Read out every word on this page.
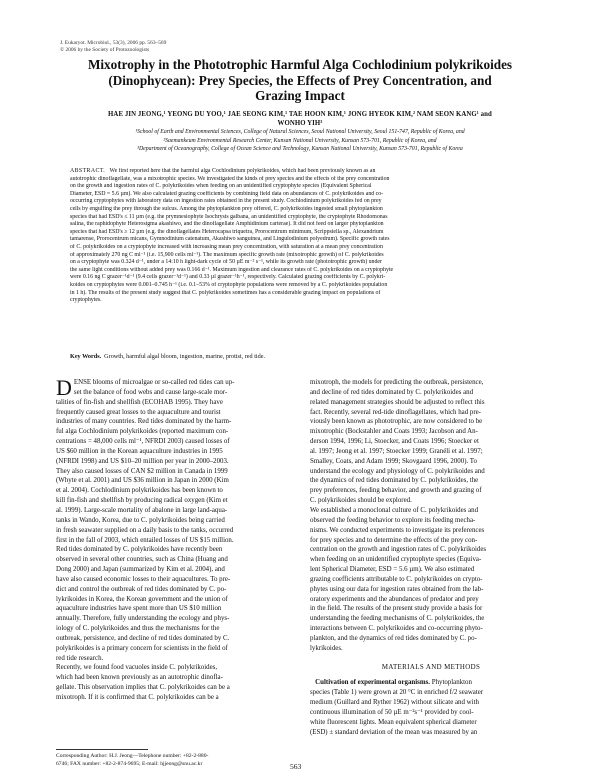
J. Eukaryot. Microbiol., 53(3), 2006 pp. 563–569
© 2006 by the Society of Protozoologists
Mixotrophy in the Phototrophic Harmful Alga Cochlodinium polykrikoides
(Dinophycean): Prey Species, the Effects of Prey Concentration, and
Grazing Impact
HAE JIN JEONG,¹ YEONG DU YOO,¹ JAE SEONG KIM,¹ TAE HOON KIM,¹ JONG HYEOK KIM,² NAM SEON KANG¹ and
WONHO YIH³
¹School of Earth and Environmental Sciences, College of Natural Sciences, Seoul National University, Seoul 151-747, Republic of Korea, and
²Saemankeum Environmental Research Center, Kunsan National University, Kunsan 573-701, Republic of Korea, and
³Department of Oceanography, College of Ocean Science and Technology, Kunsan National University, Kunsan 573-701, Republic of Korea
ABSTRACT. We first reported here that the harmful alga Cochlodinium polykrikoides, which had been previously known as an
autotrophic dinoflagellate, was a mixotrophic species. We investigated the kinds of prey species and the effects of the prey concentration
on the growth and ingestion rates of C. polykrikoides when feeding on an unidentified cryptophyte species (Equivalent Spherical
Diameter, ESD = 5.6 µm). We also calculated grazing coefficients by combining field data on abundances of C. polykrikoides and co-
occurring cryptophytes with laboratory data on ingestion rates obtained in the present study. Cochlodinium polykrikoides fed on prey
cells by engulfing the prey through the sulcus. Among the phytoplankton prey offered, C. polykrikoides ingested small phytoplankton
species that had ESD's ≤ 11 µm (e.g. the prymnesiophyte Isochrysis galbana, an unidentified cryptophyte, the cryptophyte Rhodomonas
salina, the raphidophyte Heterosigma akashiwo, and the dinoflagellate Amphidinium carterae). It did not feed on larger phytoplankton
species that had ESD's ≥ 12 µm (e.g. the dinoflagellates Heterocapsa triquetra, Prorocentrum minimum, Scrippsiella sp., Alexandrium
tamarense, Prorocentrum micans, Gymnodinium catenatum, Akashiwo sanguinea, and Lingulodinium polyedrum). Specific growth rates
of C. polykrikoides on a cryptophyte increased with increasing mean prey concentration, with saturation at a mean prey concentration
of approximately 270 ng C ml⁻¹ (i.e. 15,900 cells ml⁻¹). The maximum specific growth rate (mixotrophic growth) of C. polykrikoides
on a cryptophyte was 0.324 d⁻¹, under a 14:10 h light-dark cycle of 50 µE m⁻² s⁻¹, while its growth rate (phototrophic growth) under
the same light conditions without added prey was 0.166 d⁻¹. Maximum ingestion and clearance rates of C. polykrikoides on a cryptophyte
were 0.16 ng C grazer⁻¹d⁻¹ (9.4 cells grazer⁻¹d⁻¹) and 0.33 µl grazer⁻¹h⁻¹, respectively. Calculated grazing coefficients by C. polykri-
koides on cryptophytes were 0.001–0.745 h⁻¹ (i.e. 0.1–53% of cryptophyte populations were removed by a C. polykrikoides population
in 1 h). The results of the present study suggest that C. polykrikoides sometimes has a considerable grazing impact on populations of
cryptophytes.
Key Words. Growth, harmful algal bloom, ingestion, marine, protist, red tide.
D ENSE blooms of microalgae or so-called red tides can up-
set the balance of food webs and cause large-scale mor-
talities of fin-fish and shellfish (ECOHAB 1995). They have
frequently caused great losses to the aquaculture and tourist
industries of many countries. Red tides dominated by the harm-
ful alga Cochlodinium polykrikoides (reported maximum con-
centrations = 48,000 cells ml⁻¹, NFRDI 2003) caused losses of
US $60 million in the Korean aquaculture industries in 1995
(NFRDI 1998) and US $10–20 million per year in 2000–2003.
They also caused losses of CAN $2 million in Canada in 1999
(Whyte et al. 2001) and US $36 million in Japan in 2000 (Kim
et al. 2004). Cochlodinium polykrikoides has been known to
kill fin-fish and shellfish by producing radical oxygen (Kim et
al. 1999). Large-scale mortality of abalone in large land-aqua-
tanks in Wando, Korea, due to C. polykrikoides being carried
in fresh seawater supplied on a daily basis to the tanks, occurred
first in the fall of 2003, which entailed losses of US $15 million.
Red tides dominated by C. polykrikoides have recently been
observed in several other countries, such as China (Huang and
Dong 2000) and Japan (summarized by Kim et al. 2004), and
have also caused economic losses to their aquacultures. To pre-
dict and control the outbreak of red tides dominated by C. po-
lykrikoides in Korea, the Korean government and the union of
aquaculture industries have spent more than US $10 million
annually. Therefore, fully understanding the ecology and phys-
iology of C. polykrikoides and thus the mechanisms for the
outbreak, persistence, and decline of red tides dominated by C.
polykrikoides is a primary concern for scientists in the field of
red tide research.
Recently, we found food vacuoles inside C. polykrikoides,
which had been known previously as an autotrophic dinofla-
gellate. This observation implies that C. polykrikoides can be a
mixotroph. If it is confirmed that C. polykrikoides can be a
mixotroph, the models for predicting the outbreak, persistence,
and decline of red tides dominated by C. polykrikoides and
related management strategies should be adjusted to reflect this
fact. Recently, several red-tide dinoflagellates, which had pre-
viously been known as phototrophic, are now considered to be
mixotrophic (Bockstahler and Coats 1993; Jacobson and An-
derson 1994, 1996; Li, Stoecker, and Coats 1996; Stoecker et
al. 1997; Jeong et al. 1997; Stoecker 1999; Granéli et al. 1997;
Smalley, Coats, and Adam 1999; Skovgaard 1996, 2000). To
understand the ecology and physiology of C. polykrikoides and
the dynamics of red tides dominated by C. polykrikoides, the
prey preferences, feeding behavior, and growth and grazing of
C. polykrikoides should be explored.
We established a monoclonal culture of C. polykrikoides and
observed the feeding behavior to explore its feeding mecha-
nisms. We conducted experiments to investigate its preferences
for prey species and to determine the effects of the prey con-
centration on the growth and ingestion rates of C. polykrikoides
when feeding on an unidentified cryptophyte species (Equiva-
lent Spherical Diameter, ESD = 5.6 µm). We also estimated
grazing coefficients attributable to C. polykrikoides on crypto-
phytes using our data for ingestion rates obtained from the lab-
oratory experiments and the abundances of predator and prey
in the field. The results of the present study provide a basis for
understanding the feeding mechanisms of C. polykrikoides, the
interactions between C. polykrikoides and co-occurring phyto-
plankton, and the dynamics of red tides dominated by C. po-
lykrikoides.
MATERIALS AND METHODS
Cultivation of experimental organisms. Phytoplankton
species (Table 1) were grown at 20 °C in enriched f/2 seawater
medium (Guillard and Ryther 1962) without silicate and with
continuous illumination of 50 µE m⁻²s⁻¹ provided by cool-
white fluorescent lights. Mean equivalent spherical diameter
(ESD) ± standard deviation of the mean was measured by an
Corresponding Author: H.J. Jeong—Telephone number: +82-2-880-
6746; FAX number: +82-2-874-9695; E-mail: hjjeong@snu.ac.kr	563
